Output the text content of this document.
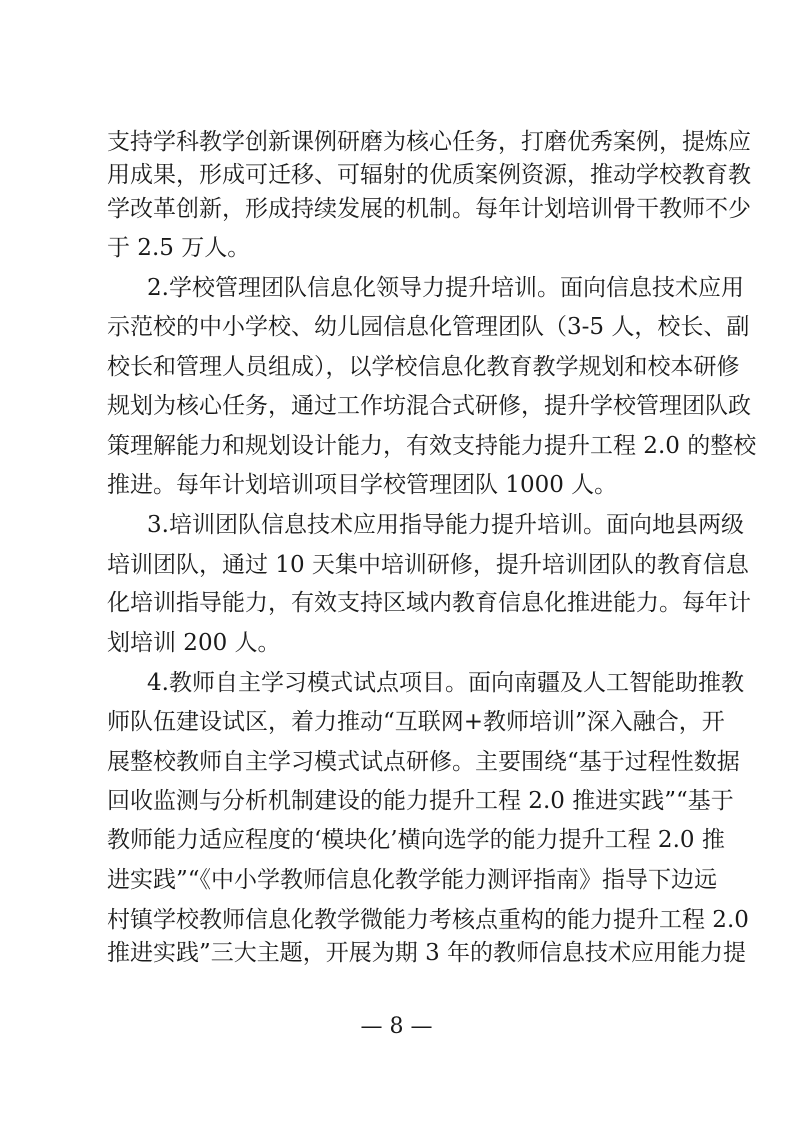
支持学科教学创新课例研磨为核心任务，打磨优秀案例，提炼应
用成果，形成可迁移、可辐射的优质案例资源，推动学校教育教
学改革创新，形成持续发展的机制。每年计划培训骨干教师不少
于 2.5 万人。
2.学校管理团队信息化领导力提升培训。面向信息技术应用
示范校的中小学校、幼儿园信息化管理团队（3-5 人，校长、副
校长和管理人员组成），以学校信息化教育教学规划和校本研修
规划为核心任务，通过工作坊混合式研修，提升学校管理团队政
策理解能力和规划设计能力，有效支持能力提升工程 2.0 的整校
推进。每年计划培训项目学校管理团队 1000 人。
3.培训团队信息技术应用指导能力提升培训。面向地县两级
培训团队，通过 10 天集中培训研修，提升培训团队的教育信息
化培训指导能力，有效支持区域内教育信息化推进能力。每年计
划培训 200 人。
4.教师自主学习模式试点项目。面向南疆及人工智能助推教
师队伍建设试区，着力推动“互联网+教师培训”深入融合，开
展整校教师自主学习模式试点研修。主要围绕“基于过程性数据
回收监测与分析机制建设的能力提升工程 2.0 推进实践”“基于
教师能力适应程度的‘模块化’横向选学的能力提升工程 2.0 推
进实践”“《中小学教师信息化教学能力测评指南》指导下边远
村镇学校教师信息化教学微能力考核点重构的能力提升工程 2.0
— 8 —
推进实践”三大主题，开展为期 3 年的教师信息技术应用能力提
